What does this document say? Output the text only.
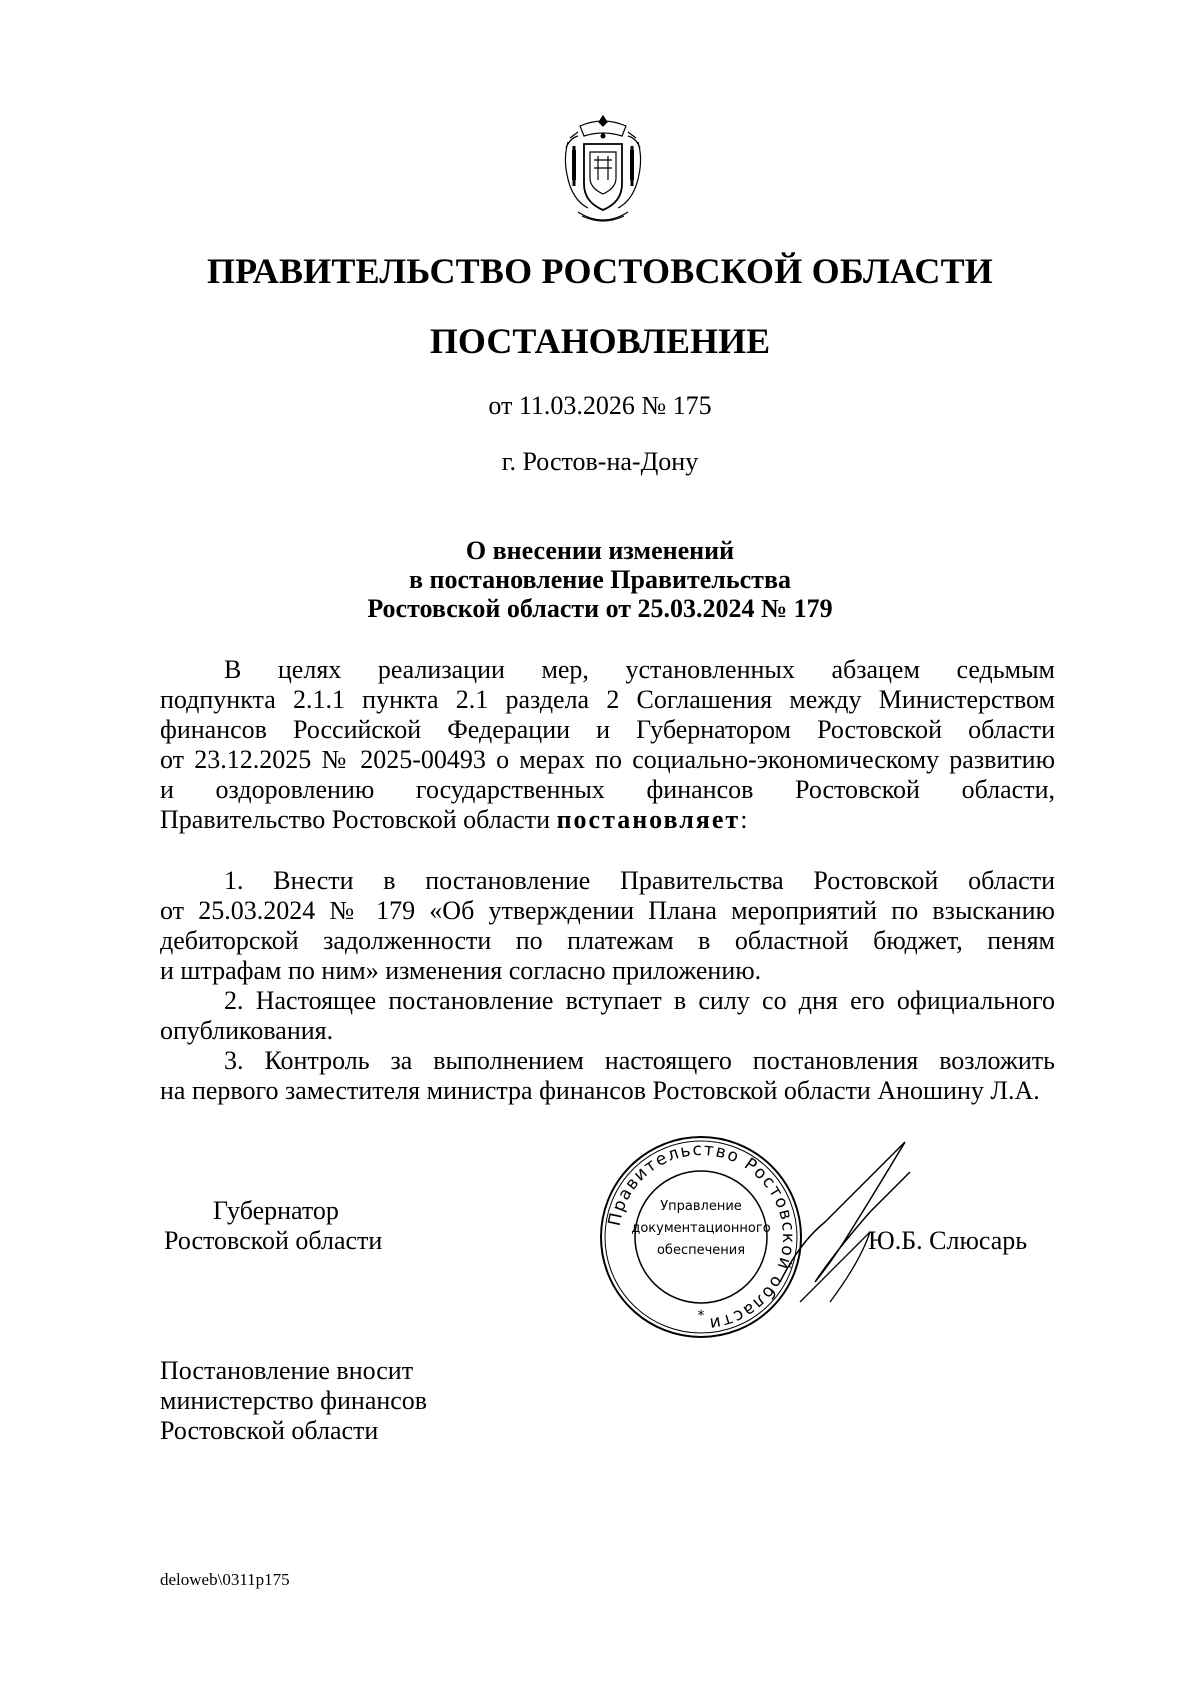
ПРАВИТЕЛЬСТВО РОСТОВСКОЙ ОБЛАСТИ
ПОСТАНОВЛЕНИЕ
от 11.03.2026 № 175
г. Ростов-на-Дону
О внесении изменений
в постановление Правительства
Ростовской области от 25.03.2024 № 179
В целях реализации мер, установленных абзацем седьмым
подпункта 2.1.1 пункта 2.1 раздела 2 Соглашения между Министерством
финансов Российской Федерации и Губернатором Ростовской области
от 23.12.2025 № 2025-00493 о мерах по социально-экономическому развитию
и оздоровлению государственных финансов Ростовской области,
Правительство Ростовской области постановляет:
1. Внести в постановление Правительства Ростовской области
от 25.03.2024 № 179 «Об утверждении Плана мероприятий по взысканию
дебиторской задолженности по платежам в областной бюджет, пеням
и штрафам по ним» изменения согласно приложению.
2. Настоящее постановление вступает в силу со дня его официального
опубликования.
3. Контроль за выполнением настоящего постановления возложить
на первого заместителя министра финансов Ростовской области Аношину Л.А.
Губернатор
Ростовской области
Правительство Ростовской области
Управление
документационного
обеспечения
*
Ю.Б. Слюсарь
Постановление вносит
министерство финансов
Ростовской области
deloweb\0311p175
